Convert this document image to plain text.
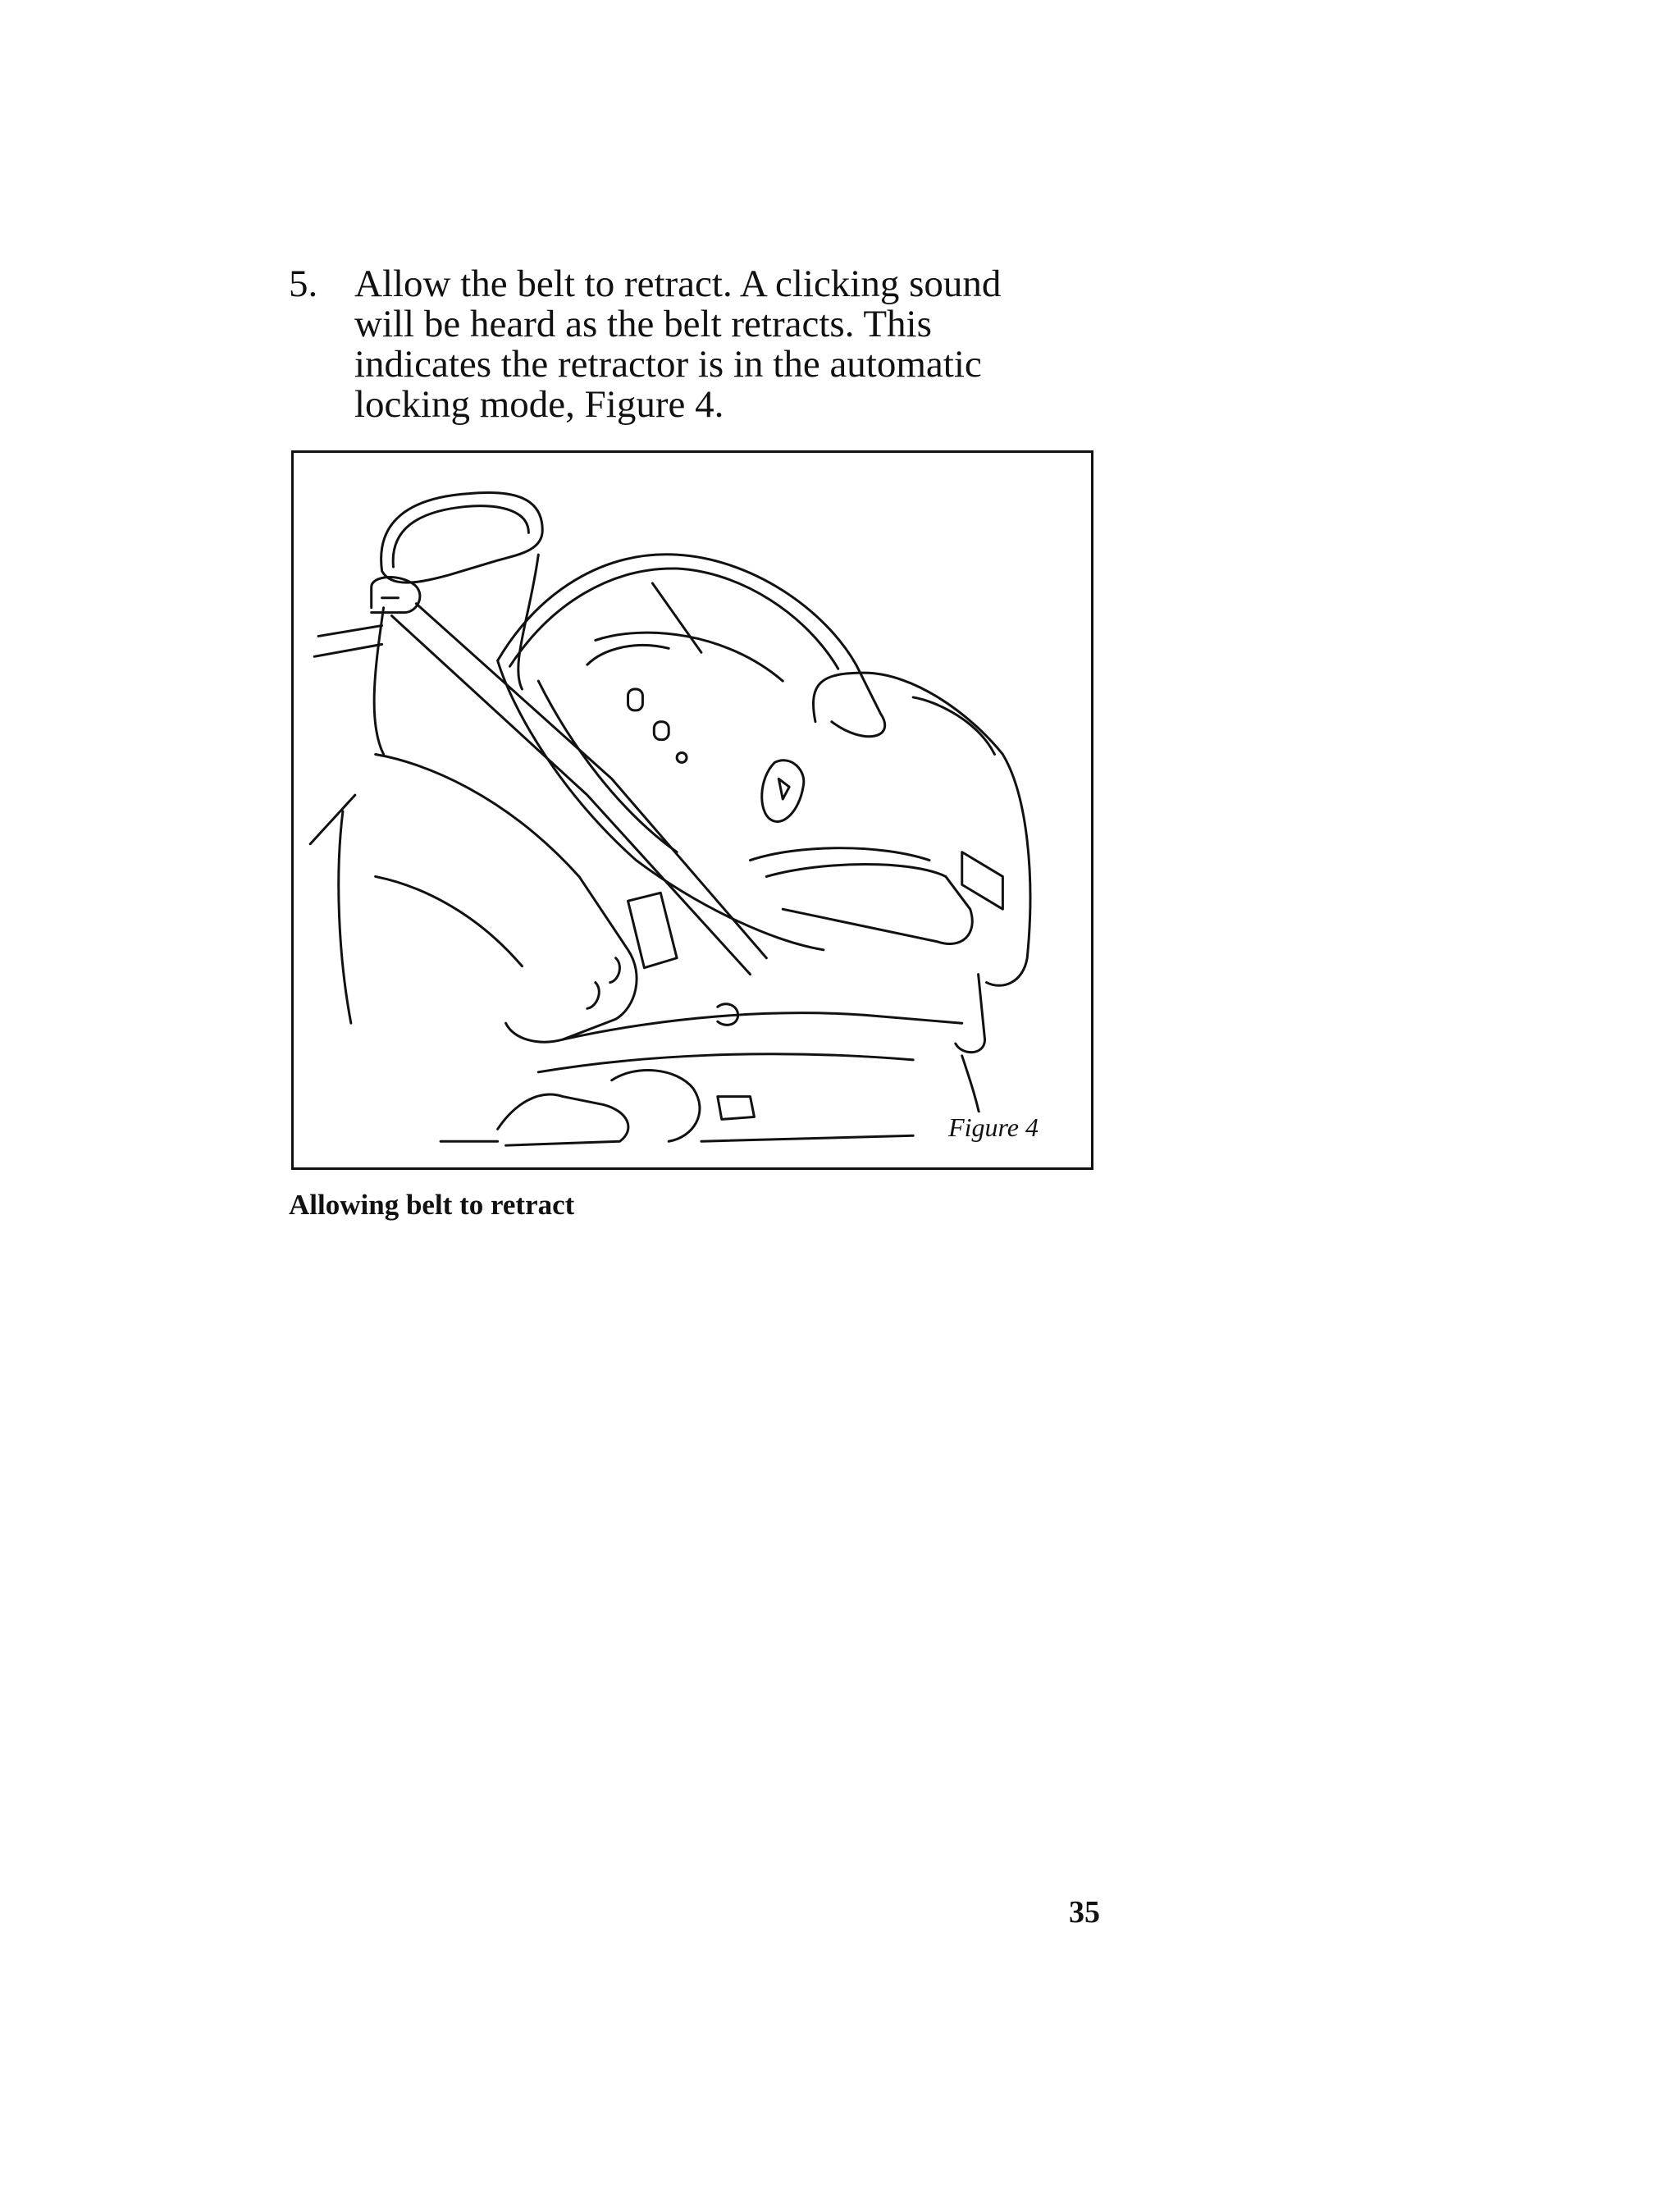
5. Allow the belt to retract. A clicking sound
will be heard as the belt retracts. This
indicates the retractor is in the automatic
locking mode, Figure 4.
Figure 4
Allowing belt to retract
35
